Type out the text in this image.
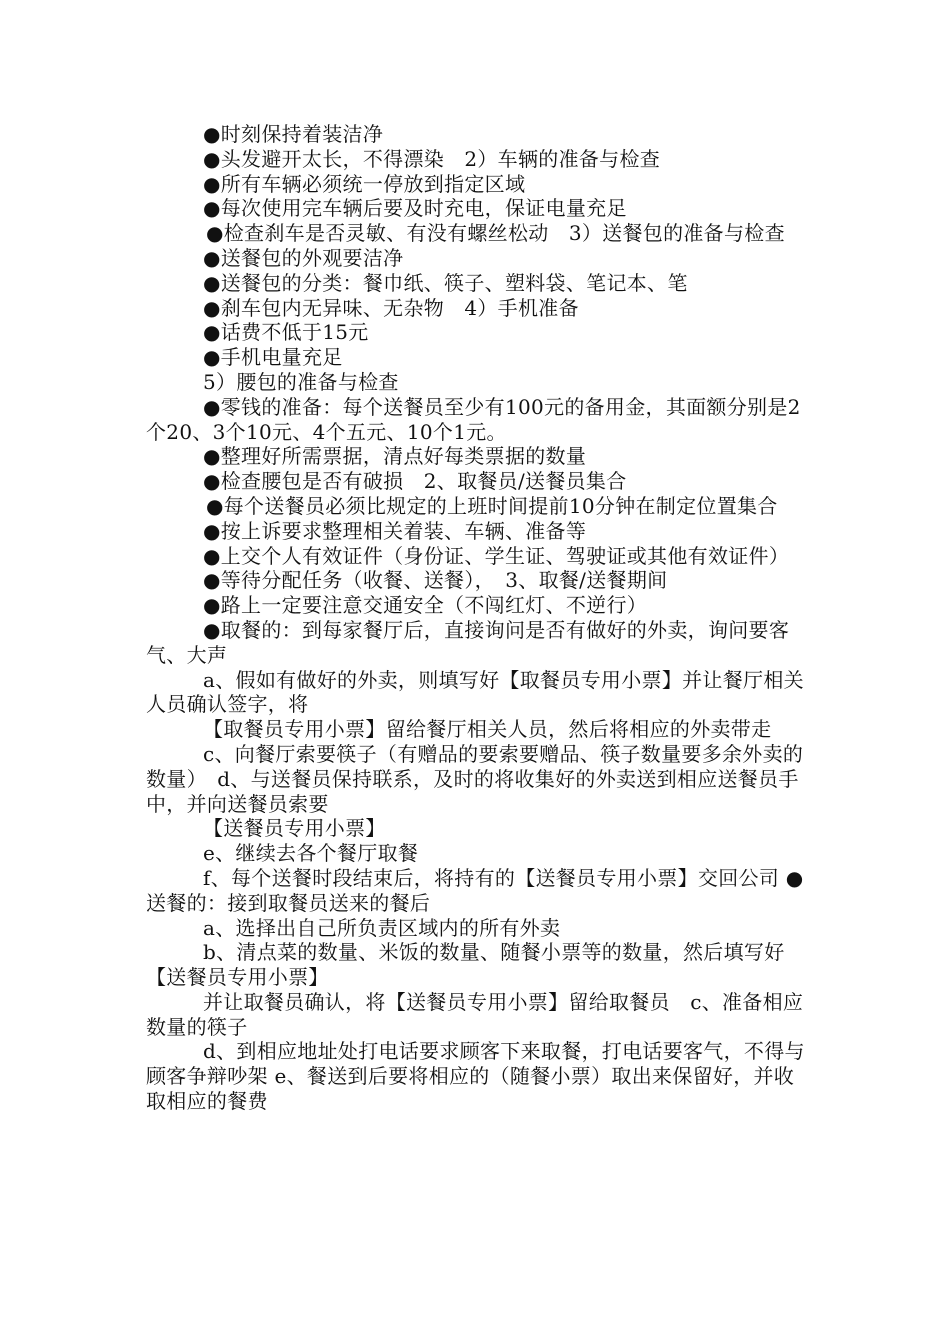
●时刻保持着装洁净

●头发避开太长，不得漂染　2）车辆的准备与检查

●所有车辆必须统一停放到指定区域

●每次使用完车辆后要及时充电，保证电量充足

●检查刹车是否灵敏、有没有螺丝松动　3）送餐包的准备与检查

●送餐包的外观要洁净

●送餐包的分类：餐巾纸、筷子、塑料袋、笔记本、笔

●刹车包内无异味、无杂物　4）手机准备

●话费不低于15元

●手机电量充足

5）腰包的准备与检查

●零钱的准备：每个送餐员至少有100元的备用金，其面额分别是2个20、3个10元、4个五元、10个1元。

●整理好所需票据，清点好每类票据的数量

●检查腰包是否有破损　2、取餐员/送餐员集合

●每个送餐员必须比规定的上班时间提前10分钟在制定位置集合

●按上诉要求整理相关着装、车辆、准备等

●上交个人有效证件（身份证、学生证、驾驶证或其他有效证件）

●等待分配任务（收餐、送餐），　3、取餐/送餐期间

●路上一定要注意交通安全（不闯红灯、不逆行）

●取餐的：到每家餐厅后，直接询问是否有做好的外卖，询问要客气、大声

a、假如有做好的外卖，则填写好【取餐员专用小票】并让餐厅相关人员确认签字，将

【取餐员专用小票】留给餐厅相关人员，然后将相应的外卖带走

c、向餐厅索要筷子（有赠品的要索要赠品、筷子数量要多余外卖的数量）　d、与送餐员保持联系，及时的将收集好的外卖送到相应送餐员手中，并向送餐员索要

【送餐员专用小票】

e、继续去各个餐厅取餐

f、每个送餐时段结束后，将持有的【送餐员专用小票】交回公司 ●送餐的：接到取餐员送来的餐后

a、选择出自己所负责区域内的所有外卖

b、清点菜的数量、米饭的数量、随餐小票等的数量，然后填写好【送餐员专用小票】

并让取餐员确认，将【送餐员专用小票】留给取餐员　c、准备相应数量的筷子

d、到相应地址处打电话要求顾客下来取餐，打电话要客气，不得与顾客争辩吵架 e、餐送到后要将相应的（随餐小票）取出来保留好，并收取相应的餐费
